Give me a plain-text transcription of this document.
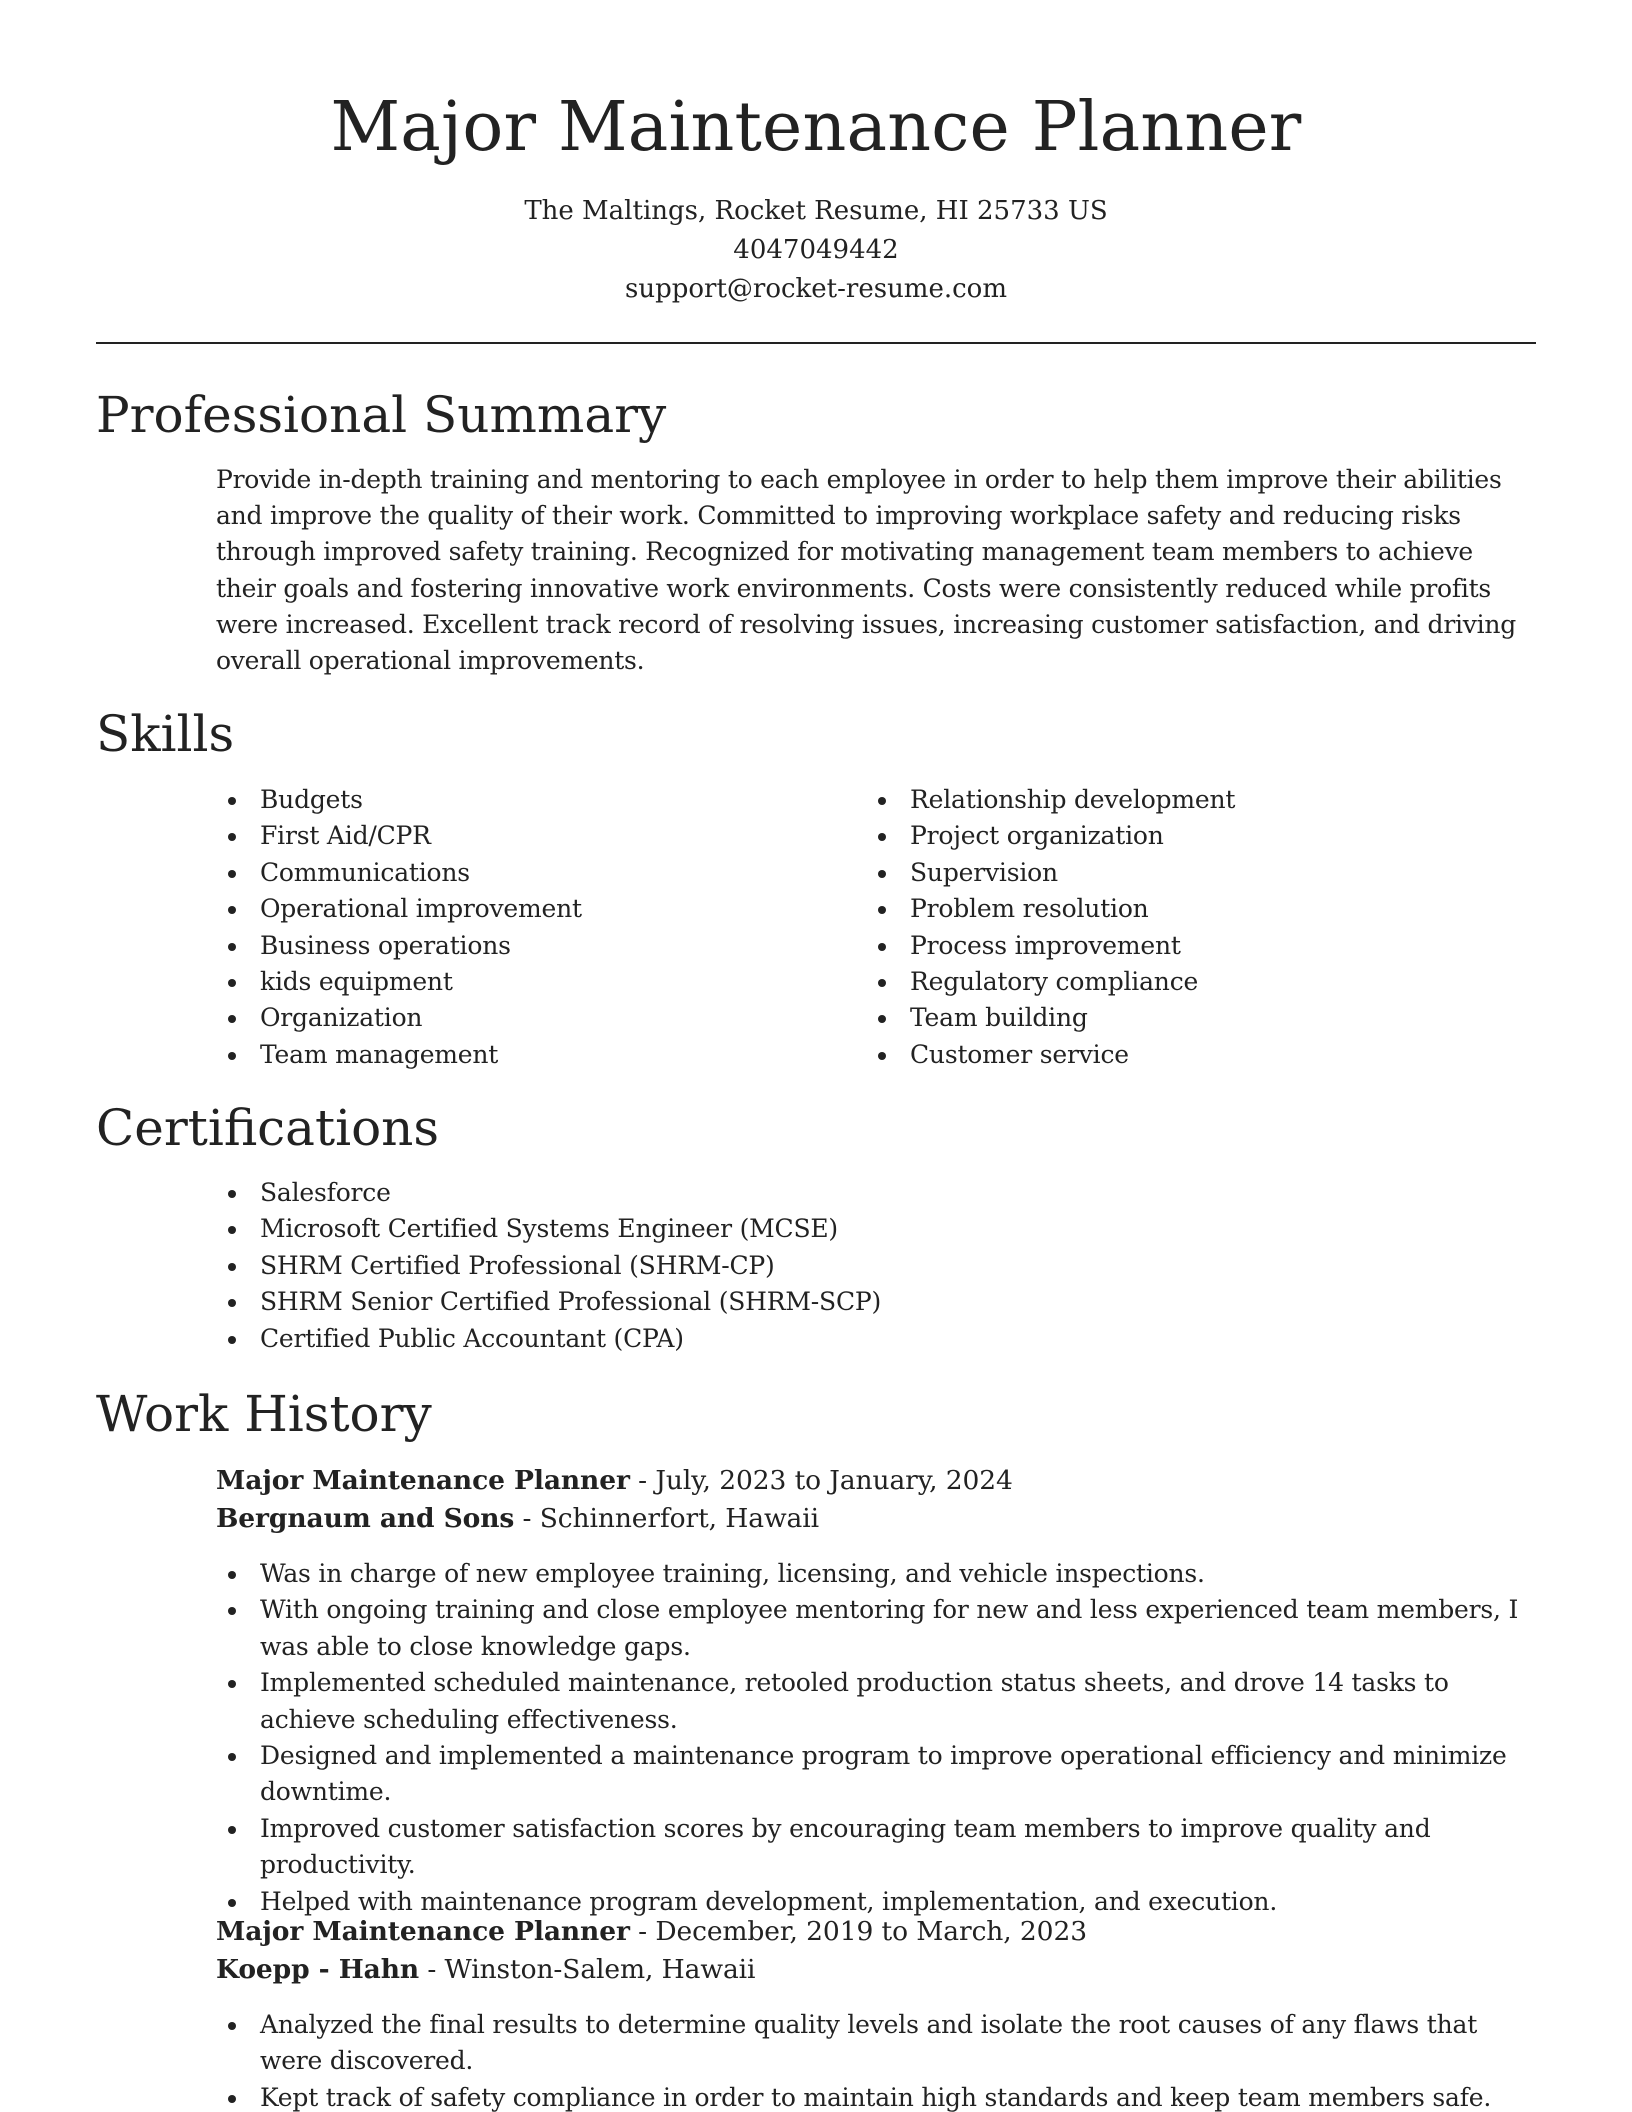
Major Maintenance Planner
The Maltings, Rocket Resume, HI 25733 US
4047049442
support@rocket-resume.com
Professional Summary

Provide in-depth training and mentoring to each employee in order to help them improve their abilities and improve the quality of their work. Committed to improving workplace safety and reducing risks through improved safety training. Recognized for motivating management team members to achieve their goals and fostering innovative work environments. Costs were consistently reduced while profits were increased. Excellent track record of resolving issues, increasing customer satisfaction, and driving overall operational improvements.

Skills
Budgets
First Aid/CPR
Communications
Operational improvement
Business operations
kids equipment
Organization
Team management
Relationship development
Project organization
Supervision
Problem resolution
Process improvement
Regulatory compliance
Team building
Customer service
Certifications
Salesforce
Microsoft Certified Systems Engineer (MCSE)
SHRM Certified Professional (SHRM-CP)
SHRM Senior Certified Professional (SHRM-SCP)
Certified Public Accountant (CPA)
Work History
Major Maintenance Planner - July, 2023 to January, 2024
Bergnaum and Sons - Schinnerfort, Hawaii
Was in charge of new employee training, licensing, and vehicle inspections.
With ongoing training and close employee mentoring for new and less experienced team members, I was able to close knowledge gaps.
Implemented scheduled maintenance, retooled production status sheets, and drove 14 tasks to achieve scheduling effectiveness.
Designed and implemented a maintenance program to improve operational efficiency and minimize downtime.
Improved customer satisfaction scores by encouraging team members to improve quality and productivity.
Helped with maintenance program development, implementation, and execution.
Major Maintenance Planner - December, 2019 to March, 2023
Koepp - Hahn - Winston-Salem, Hawaii
Analyzed the final results to determine quality levels and isolate the root causes of any flaws that were discovered.
Kept track of safety compliance in order to maintain high standards and keep team members safe.
